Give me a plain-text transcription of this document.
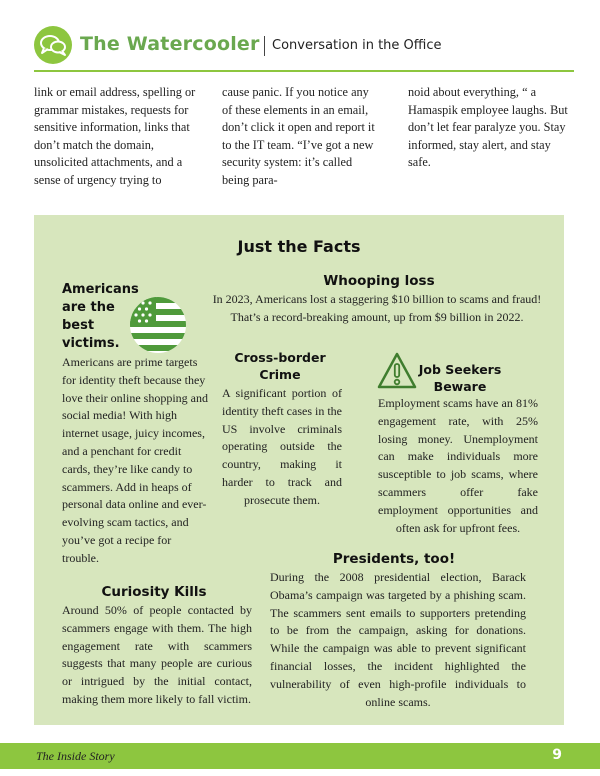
The Watercooler Conversation in the Office
link or email address, spelling or grammar mistakes, requests for sensitive information, links that don’t match the domain, unsolicited attachments, and a sense of urgency trying to
cause panic. If you notice any of these elements in an email, don’t click it open and report it to the IT team. “I’ve got a new security system: it’s called being para-
noid about everything, “ a Hamaspik employee laughs. But don’t let fear paralyze you. Stay informed, stay alert, and stay safe.
Just the Facts
Americans are the best victims.
Americans are prime targets for identity theft because they love their online shopping and social media! With high internet usage, juicy incomes, and a penchant for credit cards, they’re like candy to scammers. Add in heaps of personal data online and ever-evolving scam tactics, and you’ve got a recipe for trouble.
Whooping loss
In 2023, Americans lost a staggering $10 billion to scams and fraud! That’s a record-breaking amount, up from $9 billion in 2022.
Cross-border Crime
A significant portion of identity theft cases in the US involve criminals operating outside the country, making it harder to track and prosecute them.
Job Seekers Beware
Employment scams have an 81% engagement rate, with 25% losing money. Unemployment can make individuals more susceptible to job scams, where scammers offer fake employment opportunities and often ask for upfront fees.
Presidents, too!
During the 2008 presidential election, Barack Obama’s campaign was targeted by a phishing scam. The scammers sent emails to supporters pretending to be from the campaign, asking for donations. While the campaign was able to prevent significant financial losses, the incident highlighted the vulnerability of even high-profile individuals to online scams.
Curiosity Kills
Around 50% of people contacted by scammers engage with them. The high engagement rate with scammers suggests that many people are curious or intrigued by the initial contact, making them more likely to fall victim.
The Inside Story	9
